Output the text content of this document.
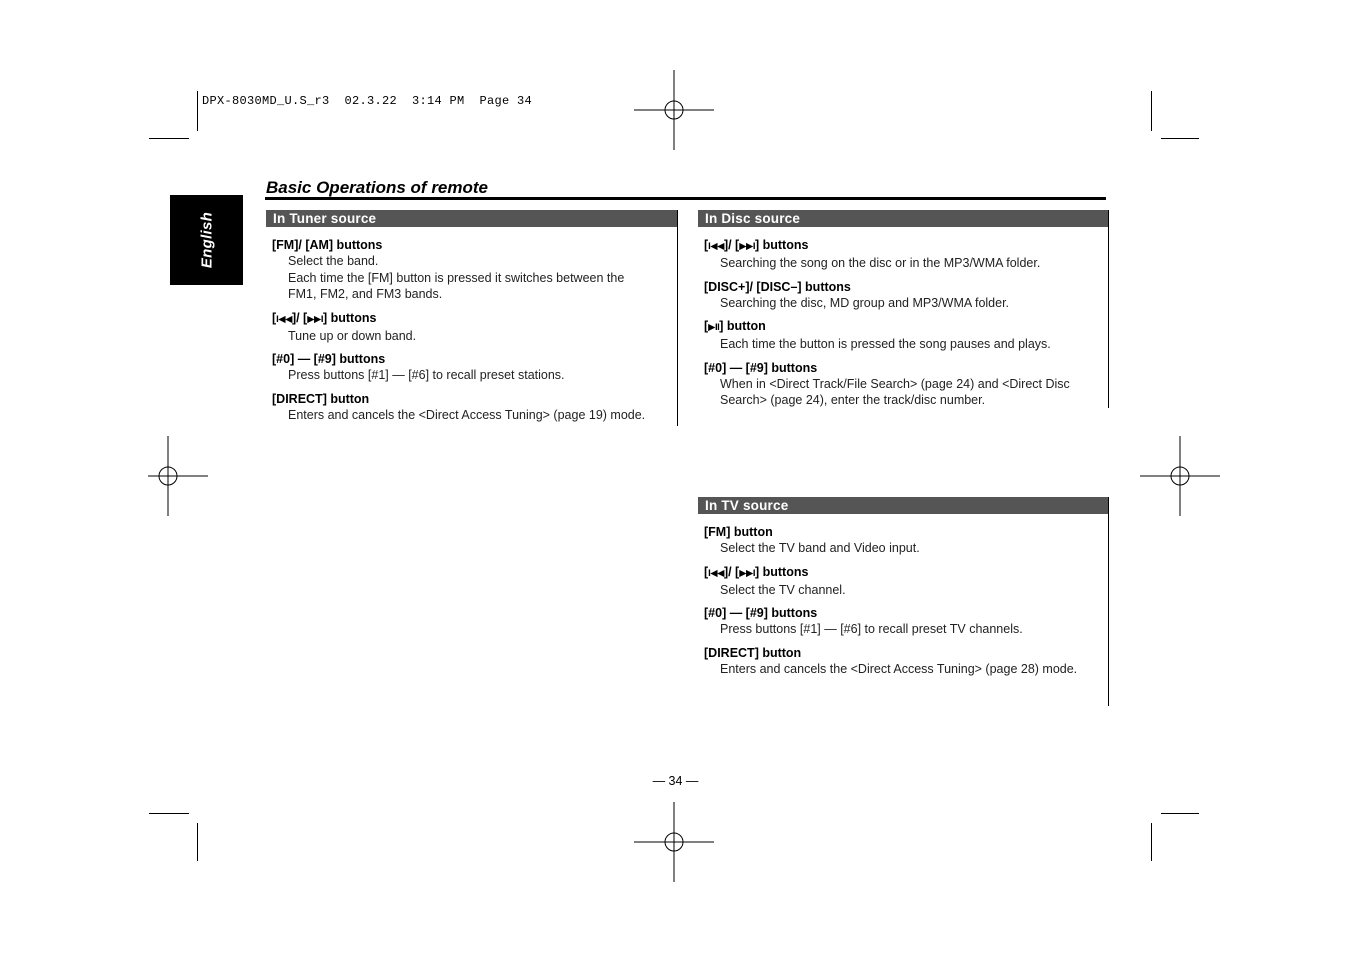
DPX-8030MD_U.S_r3  02.3.22  3:14 PM  Page 34
English
Basic Operations of remote
In Tuner source
[FM]/ [AM] buttons
Select the band.
Each time the [FM] button is pressed it switches between the
FM1, FM2, and FM3 bands.
[I◀◀]/ [▶▶I] buttons
Tune up or down band.
[#0] — [#9] buttons
Press buttons [#1] — [#6] to recall preset stations.
[DIRECT] button
Enters and cancels the <Direct Access Tuning> (page 19) mode.
In Disc source
[I◀◀]/ [▶▶I] buttons
Searching the song on the disc or in the MP3/WMA folder.
[DISC+]/ [DISC–] buttons
Searching the disc, MD group and MP3/WMA folder.
[▶II] button
Each time the button is pressed the song pauses and plays.
[#0] — [#9] buttons
When in <Direct Track/File Search> (page 24) and <Direct Disc
Search> (page 24), enter the track/disc number.
In TV source
[FM] button
Select the TV band and Video input.
[I◀◀]/ [▶▶I] buttons
Select the TV channel.
[#0] — [#9] buttons
Press buttons [#1] — [#6] to recall preset TV channels.
[DIRECT] button
Enters and cancels the <Direct Access Tuning> (page 28) mode.
— 34 —
